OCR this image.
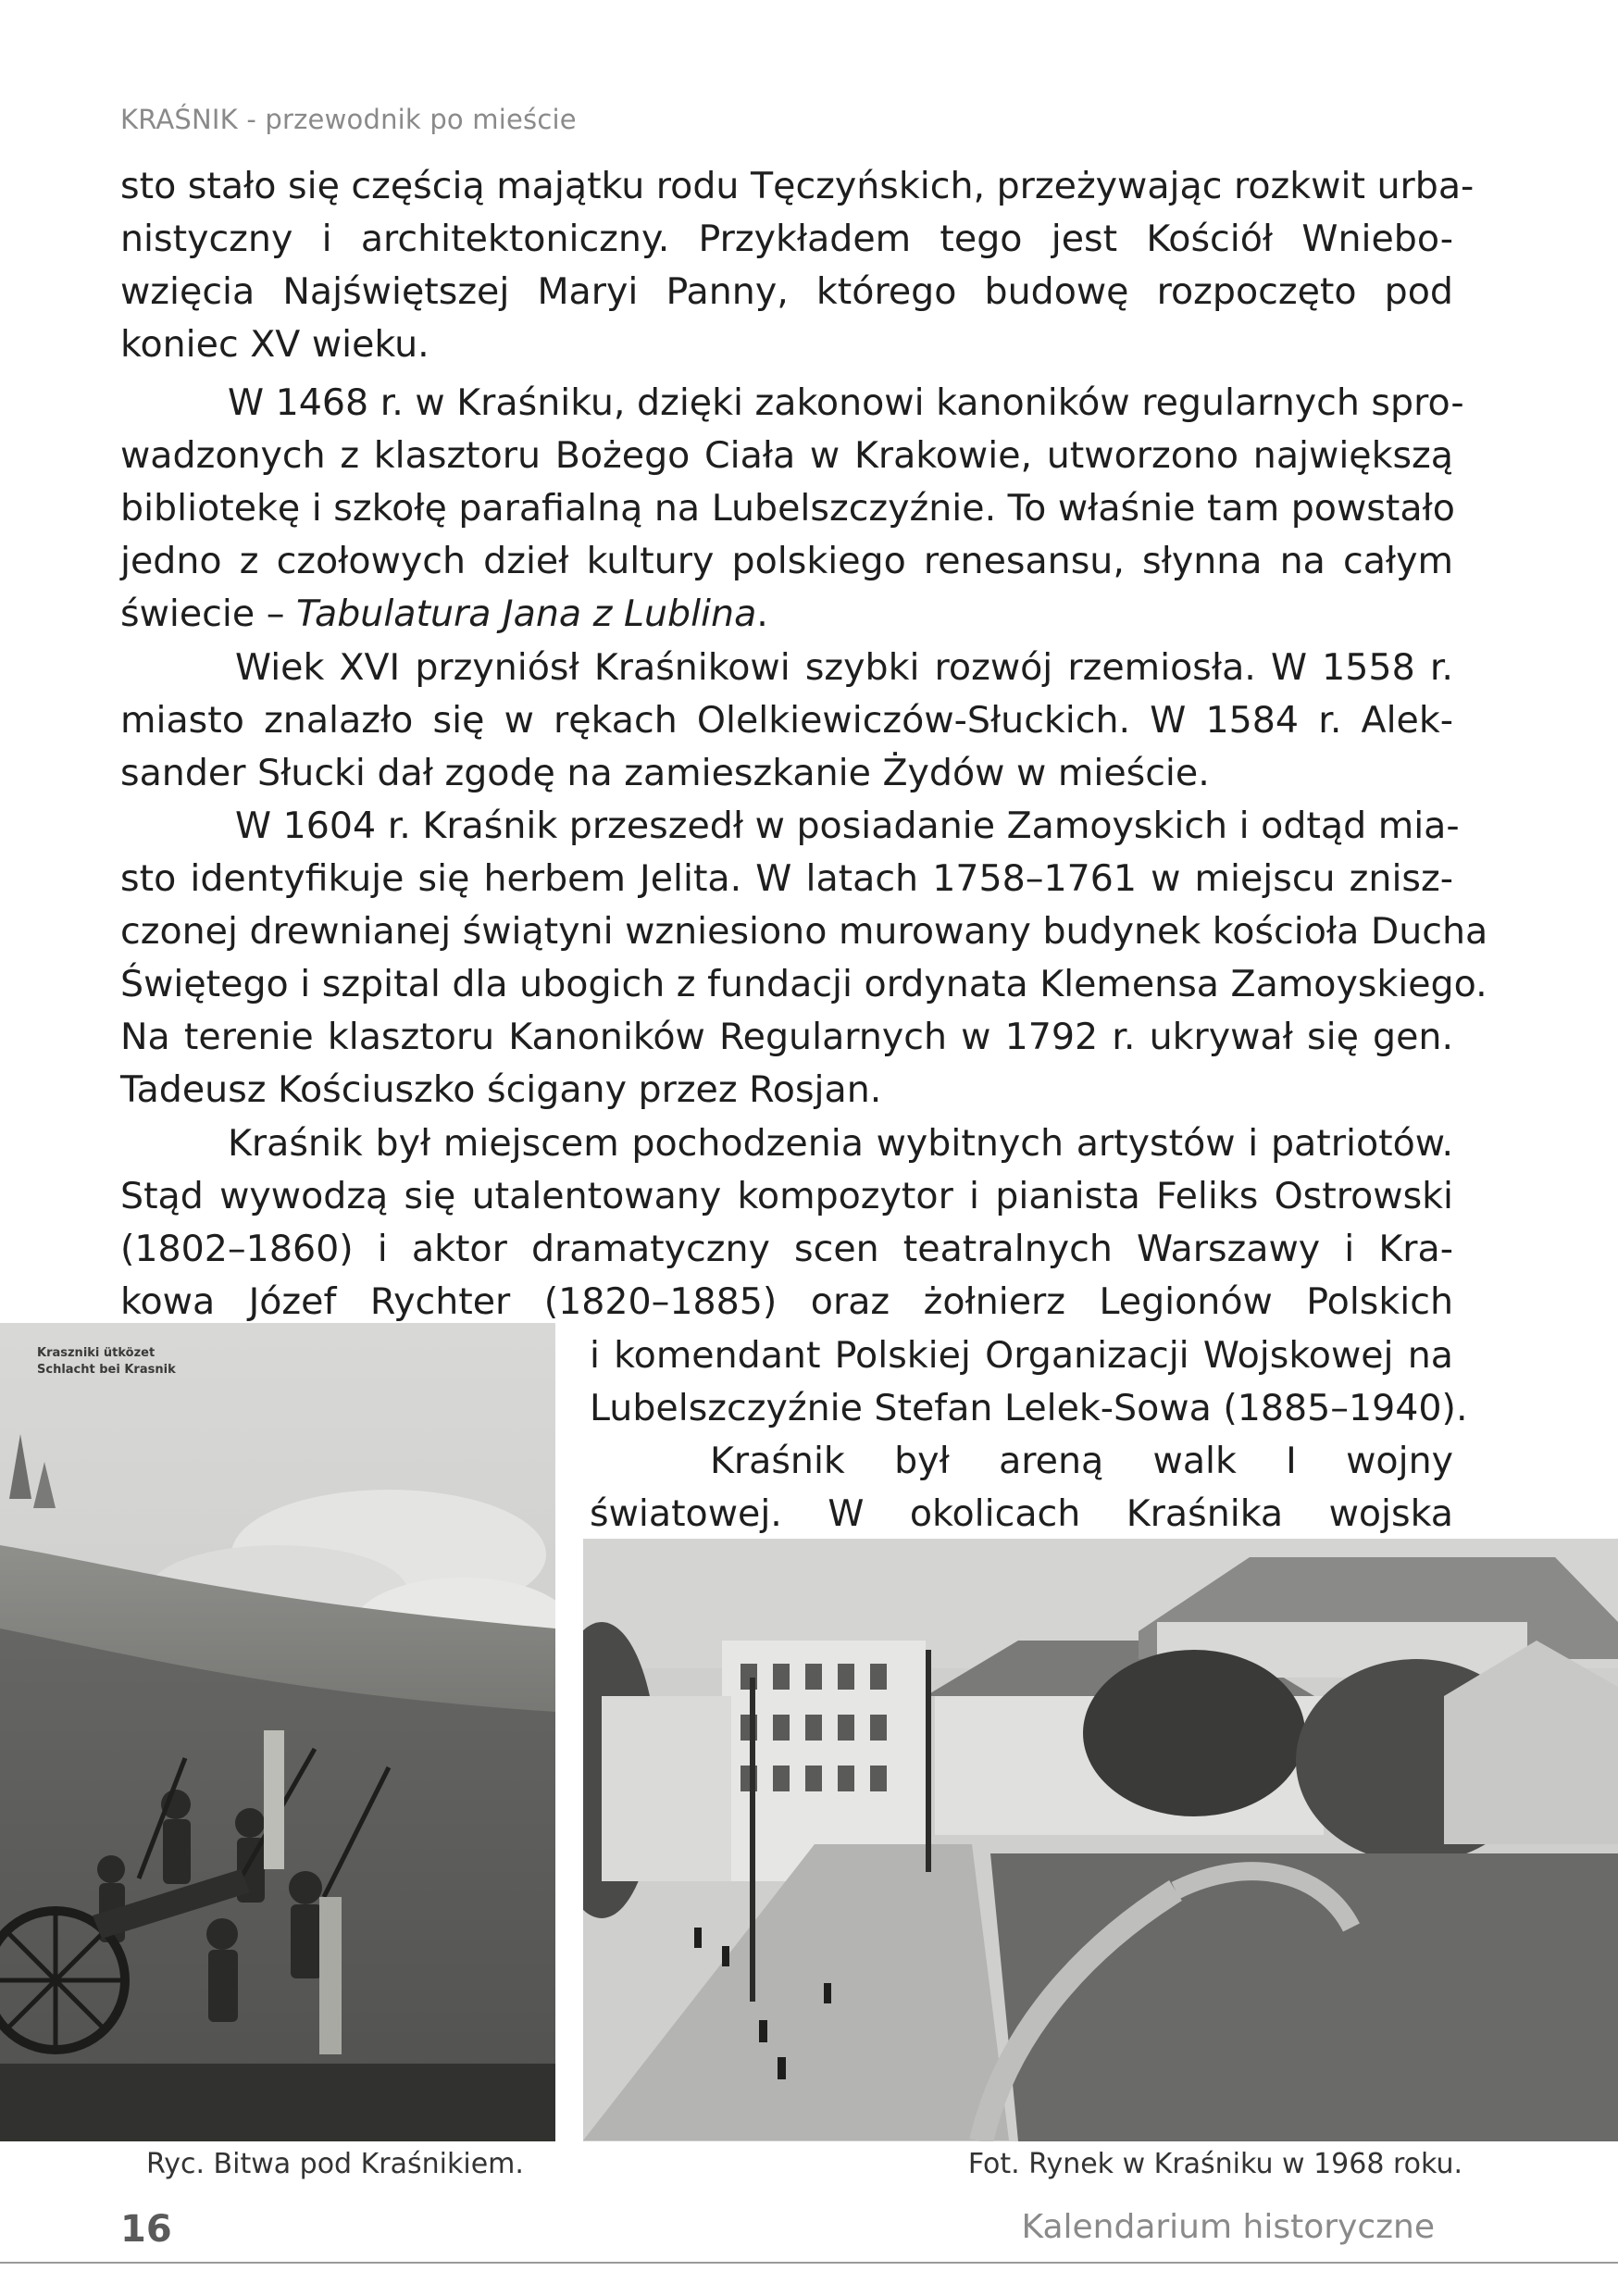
KRAŚNIK - przewodnik po mieście
sto stało się częścią majątku rodu Tęczyńskich, przeżywając rozkwit urba-
nistyczny i architektoniczny. Przykładem tego jest Kościół Wniebo-
wzięcia Najświętszej Maryi Panny, którego budowę rozpoczęto pod
koniec XV wieku.
W 1468 r. w Kraśniku, dzięki zakonowi kanoników regularnych spro-
wadzonych z klasztoru Bożego Ciała w Krakowie, utworzono największą
bibliotekę i szkołę parafialną na Lubelszczyźnie. To właśnie tam powstało
jedno z czołowych dzieł kultury polskiego renesansu, słynna na całym
świecie – Tabulatura Jana z Lublina.
Wiek XVI przyniósł Kraśnikowi szybki rozwój rzemiosła. W 1558 r.
miasto znalazło się w rękach Olelkiewiczów-Słuckich. W 1584 r. Alek-
sander Słucki dał zgodę na zamieszkanie Żydów w mieście.
W 1604 r. Kraśnik przeszedł w posiadanie Zamoyskich i odtąd mia-
sto identyfikuje się herbem Jelita. W latach 1758–1761 w miejscu znisz-
czonej drewnianej świątyni wzniesiono murowany budynek kościoła Ducha
Świętego i szpital dla ubogich z fundacji ordynata Klemensa Zamoyskiego.
Na terenie klasztoru Kanoników Regularnych w 1792 r. ukrywał się gen.
Tadeusz Kościuszko ścigany przez Rosjan.
Kraśnik był miejscem pochodzenia wybitnych artystów i patriotów.
Stąd wywodzą się utalentowany kompozytor i pianista Feliks Ostrowski
(1802–1860) i aktor dramatyczny scen teatralnych Warszawy i Kra-
kowa Józef Rychter (1820–1885) oraz żołnierz Legionów Polskich
i komendant Polskiej Organizacji Wojskowej na
Lubelszczyźnie Stefan Lelek-Sowa (1885–1940).
Kraśnik był areną walk I wojny
światowej. W okolicach Kraśnika wojska
Kraszniki ütközet
Schlacht bei Krasnik
Ryc. Bitwa pod Kraśnikiem.	Fot. Rynek w Kraśniku w 1968 roku.
16	Kalendarium historyczne
